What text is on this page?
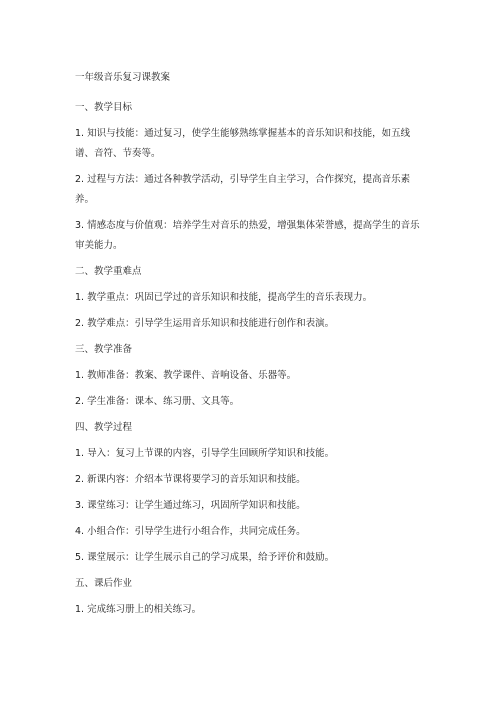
一年级音乐复习课教案

一、教学目标

1. 知识与技能：通过复习，使学生能够熟练掌握基本的音乐知识和技能，如五线谱、音符、节奏等。

2. 过程与方法：通过各种教学活动，引导学生自主学习，合作探究，提高音乐素养。

3. 情感态度与价值观：培养学生对音乐的热爱，增强集体荣誉感，提高学生的音乐审美能力。

二、教学重难点

1. 教学重点：巩固已学过的音乐知识和技能，提高学生的音乐表现力。

2. 教学难点：引导学生运用音乐知识和技能进行创作和表演。

三、教学准备

1. 教师准备：教案、教学课件、音响设备、乐器等。

2. 学生准备：课本、练习册、文具等。

四、教学过程

1. 导入：复习上节课的内容，引导学生回顾所学知识和技能。

2. 新课内容：介绍本节课将要学习的音乐知识和技能。

3. 课堂练习：让学生通过练习，巩固所学知识和技能。

4. 小组合作：引导学生进行小组合作，共同完成任务。

5. 课堂展示：让学生展示自己的学习成果，给予评价和鼓励。

五、课后作业

1. 完成练习册上的相关练习。
